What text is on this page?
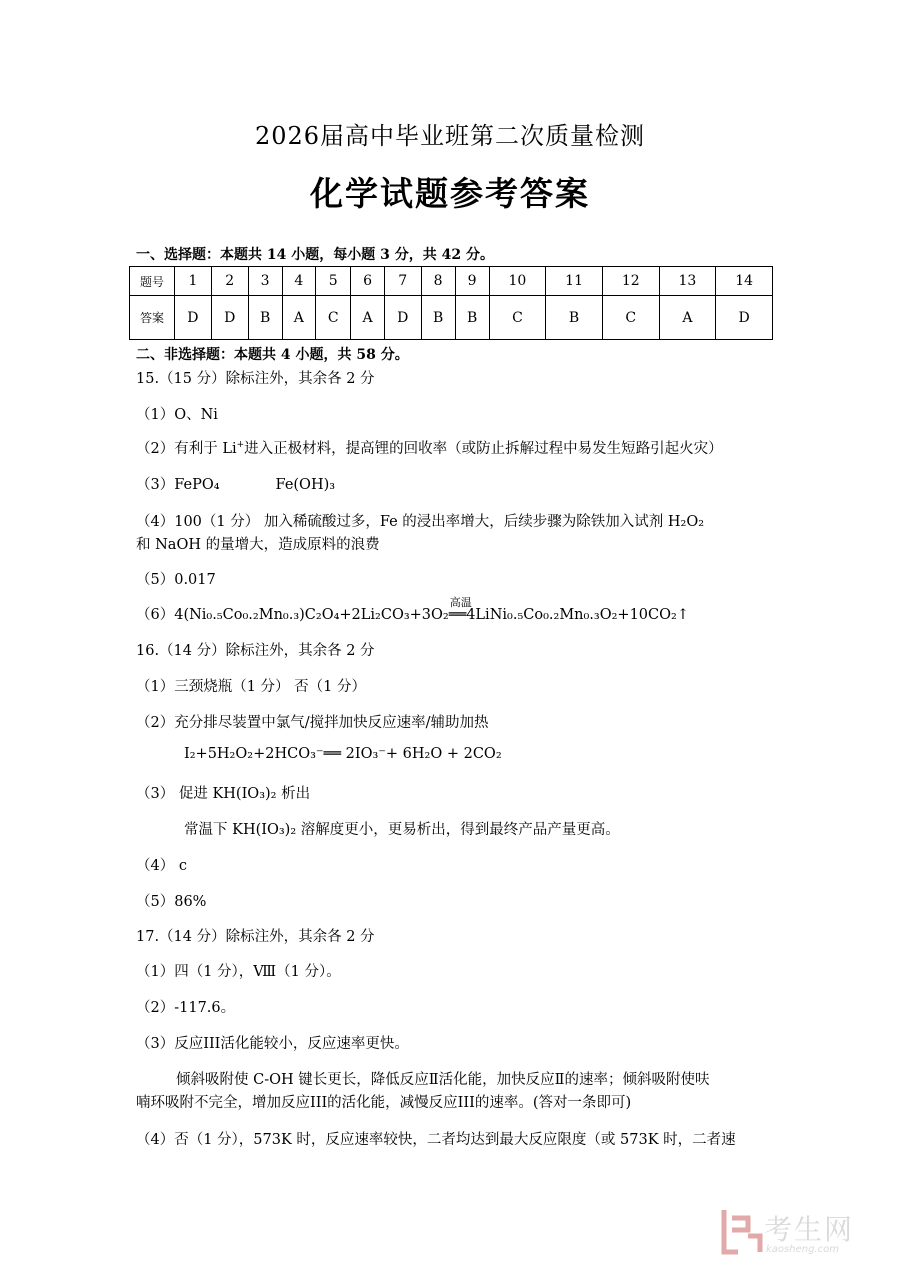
2026届高中毕业班第二次质量检测
化学试题参考答案
一、选择题：本题共 14 小题，每小题 3 分，共 42 分。
题号	1	2	3	4	5	6	7	8	9	10	11	12	13	14
答案	D	D	B	A	C	A	D	B	B	C	B	C	A	D
二、非选择题：本题共 4 小题，共 58 分。
15.（15 分）除标注外，其余各 2 分
（1）O、Ni
（2）有利于 Li+进入正极材料，提高锂的回收率（或防止拆解过程中易发生短路引起火灾）
（3）FePO₄	Fe(OH)₃
（4）100（1 分） 加入稀硫酸过多，Fe 的浸出率增大，后续步骤为除铁加入试剂 H₂O₂
和 NaOH 的量增大，造成原料的浪费
（5）0.017
（6）4(Ni₀.₅Co₀.₂Mn₀.₃)C₂O₄+2Li₂CO₃+3O₂
高温
══4LiNi₀.₅Co₀.₂Mn₀.₃O₂+10CO₂↑
16.（14 分）除标注外，其余各 2 分
（1）三颈烧瓶（1 分） 否（1 分）
（2）充分排尽装置中氯气/搅拌加快反应速率/辅助加热
I₂+5H₂O₂+2HCO₃⁻══ 2IO₃⁻+ 6H₂O + 2CO₂
（3） 促进 KH(IO₃)₂ 析出
常温下 KH(IO₃)₂ 溶解度更小，更易析出，得到最终产品产量更高。
（4） c
（5）86%
17.（14 分）除标注外，其余各 2 分
（1）四（1 分），Ⅷ（1 分）。
（2）-117.6。
（3）反应III活化能较小，反应速率更快。
倾斜吸附使 C-OH 键长更长，降低反应Ⅱ活化能，加快反应Ⅱ的速率；倾斜吸附使呋
喃环吸附不完全，增加反应III的活化能，减慢反应III的速率。(答对一条即可)
（4）否（1 分），573K 时，反应速率较快，二者均达到最大反应限度（或 573K 时，二者速
考生网
kaosheng.com
